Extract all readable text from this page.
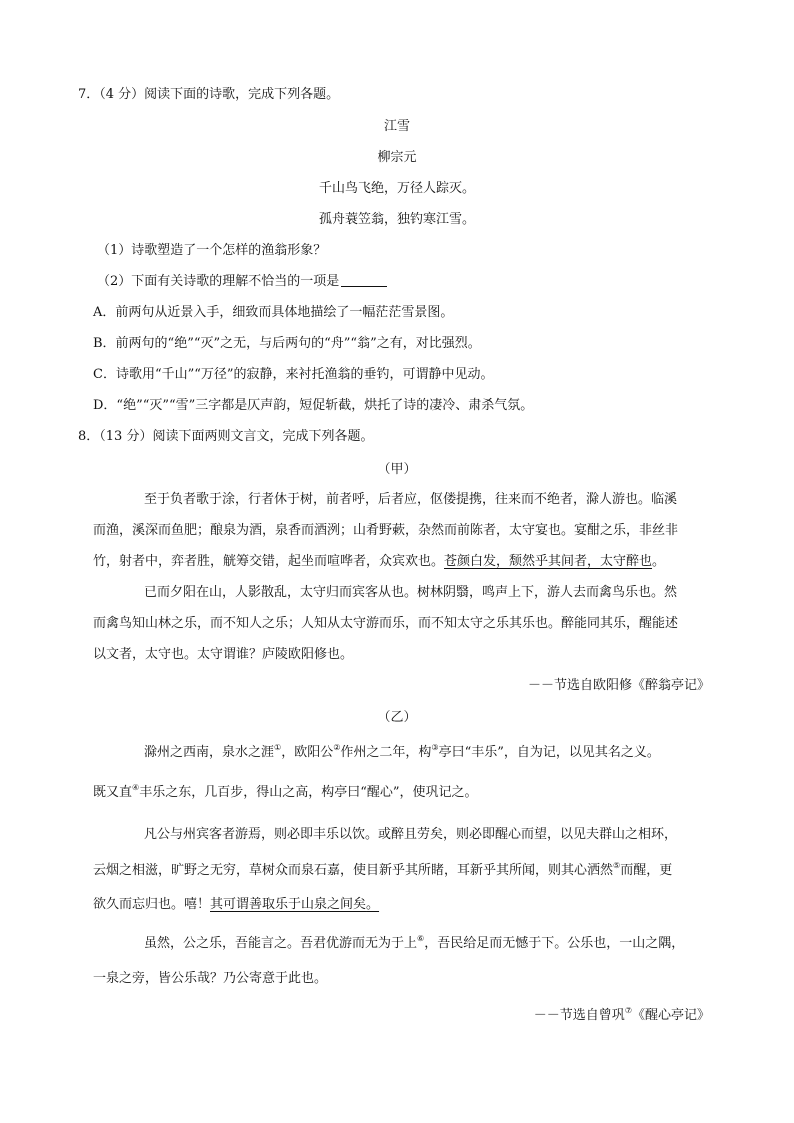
7．（4 分）阅读下面的诗歌，完成下列各题。
江雪
柳宗元
千山鸟飞绝，万径人踪灭。
孤舟蓑笠翁，独钓寒江雪。
（1）诗歌塑造了一个怎样的渔翁形象？
（2）下面有关诗歌的理解不恰当的一项是
A．前两句从近景入手，细致而具体地描绘了一幅茫茫雪景图。
B．前两句的“绝”“灭”之无，与后两句的“舟”“翁”之有，对比强烈。
C．诗歌用“千山”“万径”的寂静，来衬托渔翁的垂钓，可谓静中见动。
D．“绝”“灭”“雪”三字都是仄声韵，短促斩截，烘托了诗的凄冷、肃杀气氛。
8．（13 分）阅读下面两则文言文，完成下列各题。
（甲）
至于负者歌于涂，行者休于树，前者呼，后者应，伛偻提携，往来而不绝者，滁人游也。临溪
而渔，溪深而鱼肥；酿泉为酒，泉香而酒洌；山肴野蔌，杂然而前陈者，太守宴也。宴酣之乐，非丝非
竹，射者中，弈者胜，觥筹交错，起坐而喧哗者，众宾欢也。苍颜白发，颓然乎其间者，太守醉也。
已而夕阳在山，人影散乱，太守归而宾客从也。树林阴翳，鸣声上下，游人去而禽鸟乐也。然
而禽鸟知山林之乐，而不知人之乐；人知从太守游而乐，而不知太守之乐其乐也。醉能同其乐，醒能述
以文者，太守也。太守谓谁？庐陵欧阳修也。
－－节选自欧阳修《醉翁亭记》
（乙）
滁州之西南，泉水之涯①，欧阳公②作州之二年，构③亭曰“丰乐”，自为记，以见其名之义。
既又直④丰乐之东，几百步，得山之高，构亭曰“醒心”，使巩记之。
凡公与州宾客者游焉，则必即丰乐以饮。或醉且劳矣，则必即醒心而望，以见夫群山之相环，
云烟之相滋，旷野之无穷，草树众而泉石嘉，使目新乎其所睹，耳新乎其所闻，则其心洒然⑤而醒，更
欲久而忘归也。嘻！其可谓善取乐于山泉之间矣。
虽然，公之乐，吾能言之。吾君优游而无为于上⑥，吾民给足而无憾于下。公乐也，一山之隅，
一泉之旁，皆公乐哉？乃公寄意于此也。
－－节选自曾巩⑦《醒心亭记》
